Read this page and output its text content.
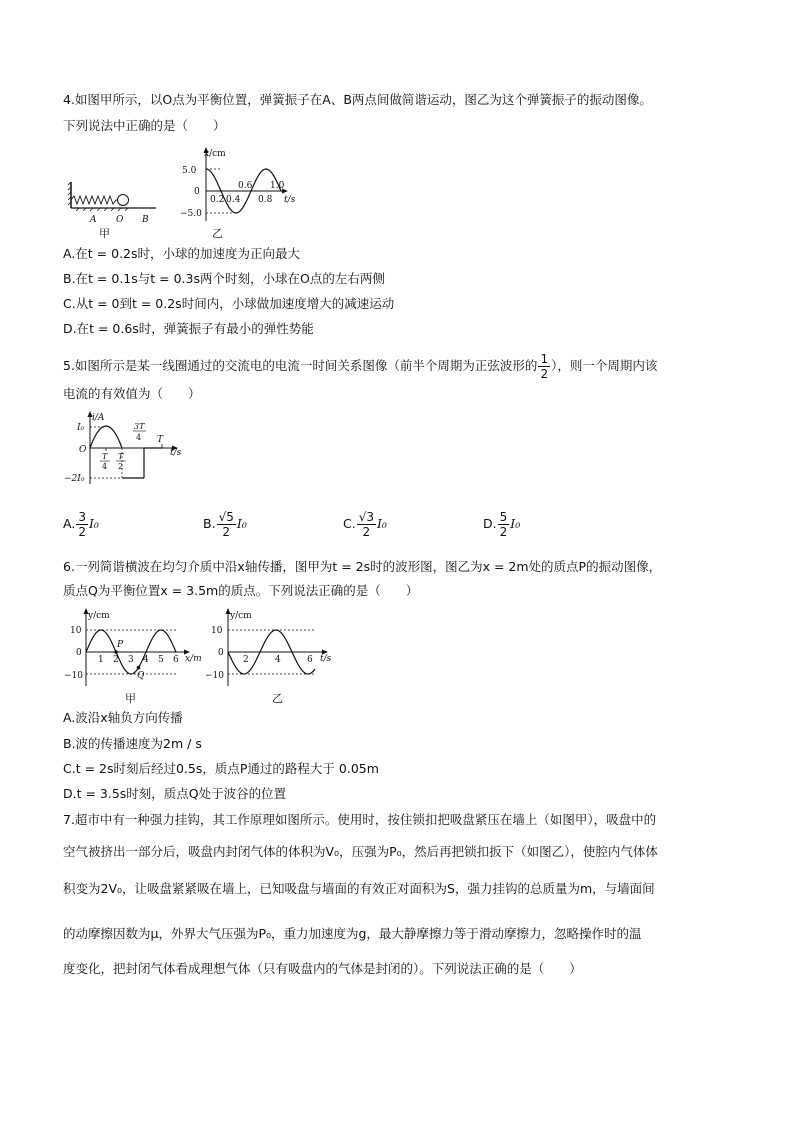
4.如图甲所示，以O点为平衡位置，弹簧振子在A、B两点间做简谐运动，图乙为这个弹簧振子的振动图像。
下列说法中正确的是（　　）
A O B
甲
x/cm
5.0
0
−5.0
0.2 0.4 0.8
0.6 1.0
t/s
乙
A.在t = 0.2s时，小球的加速度为正向最大
B.在t = 0.1s与t = 0.3s两个时刻，小球在O点的左右两侧
C.从t = 0到t = 0.2s时间内，小球做加速度增大的减速运动
D.在t = 0.6s时，弹簧振子有最小的弹性势能
5.如图所示是某一线圈通过的交流电的电流一时间关系图像（前半个周期为正弦波形的 $\frac{1}{2}$ ），则一个周期内该
电流的有效值为（　　）
i/A
I₀
O
−2I₀
T
4
T
2
3T
4 T
t/s
A. $\frac{3}{2} I_0$	B. $\frac{√5}{2} I_0$	C. $\frac{√3}{2} I_0$	D. $\frac{5}{2} I_0$
6.一列简谐横波在均匀介质中沿x轴传播，图甲为t = 2s时的波形图，图乙为x = 2m处的质点P的振动图像，
质点Q为平衡位置x = 3.5m的质点。下列说法正确的是（　　）
y/cm
10
0
−10
1 2 3 4 5 6
P
Q
x/m
甲
y/cm
10
0
−10
2	4	6 t/s
乙
A.波沿x轴负方向传播
B.波的传播速度为2m / s
C.t = 2s时刻后经过0.5s，质点P通过的路程大于 0.05m
D.t = 3.5s时刻，质点Q处于波谷的位置
7.超市中有一种强力挂钩，其工作原理如图所示。使用时，按住锁扣把吸盘紧压在墙上（如图甲），吸盘中的
空气被挤出一部分后，吸盘内封闭气体的体积为V₀，压强为P₀，然后再把锁扣扳下（如图乙），使腔内气体体
积变为2V₀，让吸盘紧紧吸在墙上，已知吸盘与墙面的有效正对面积为S，强力挂钩的总质量为m，与墙面间
的动摩擦因数为μ，外界大气压强为P₀，重力加速度为g，最大静摩擦力等于滑动摩擦力，忽略操作时的温
度变化，把封闭气体看成理想气体（只有吸盘内的气体是封闭的）。下列说法正确的是（　　）
